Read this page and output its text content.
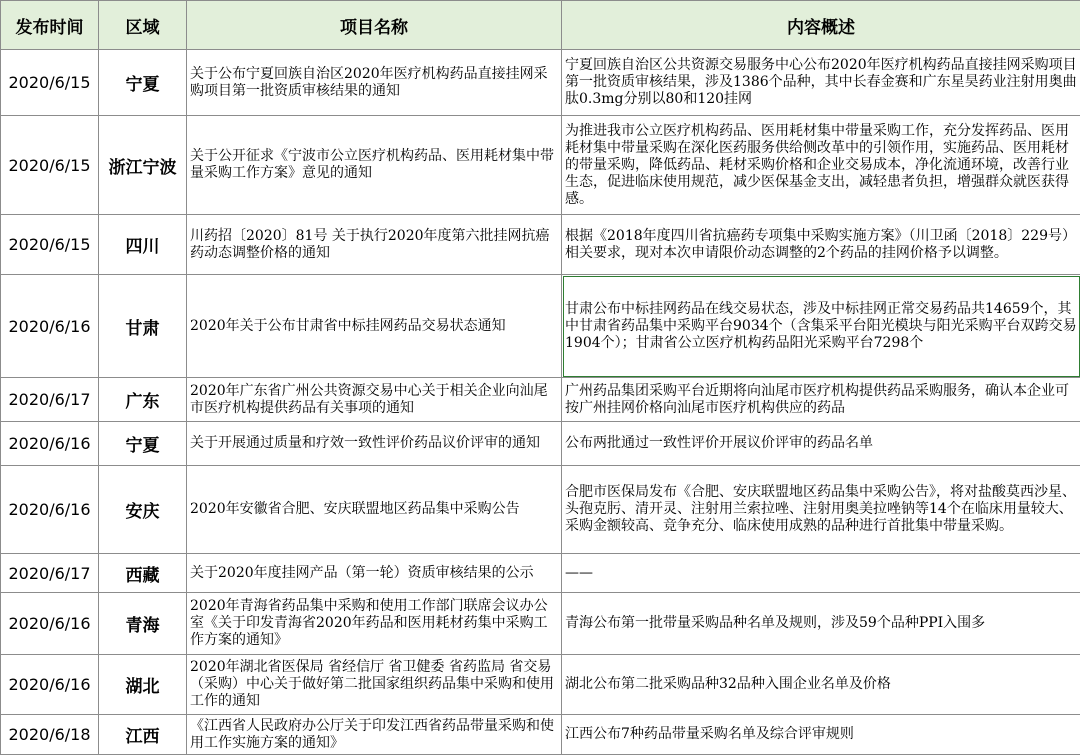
发布时间	区域	项目名称	内容概述
2020/6/15	宁夏	关于公布宁夏回族自治区2020年医疗机构药品直接挂网采购项目第一批资质审核结果的通知	宁夏回族自治区公共资源交易服务中心公布2020年医疗机构药品直接挂网采购项目第一批资质审核结果，涉及1386个品种，其中长春金赛和广东星昊药业注射用奥曲肽0.3mg分别以80和120挂网
2020/6/15	浙江宁波	关于公开征求《宁波市公立医疗机构药品、医用耗材集中带量采购工作方案》意见的通知	为推进我市公立医疗机构药品、医用耗材集中带量采购工作，充分发挥药品、医用耗材集中带量采购在深化医药服务供给侧改革中的引领作用，实施药品、医用耗材的带量采购，降低药品、耗材采购价格和企业交易成本，净化流通环境，改善行业生态，促进临床使用规范，减少医保基金支出，减轻患者负担，增强群众就医获得感。
2020/6/15	四川	川药招〔2020〕81号 关于执行2020年度第六批挂网抗癌药动态调整价格的通知	根据《2018年度四川省抗癌药专项集中采购实施方案》（川卫函〔2018〕229号）相关要求，现对本次申请限价动态调整的2个药品的挂网价格予以调整。
2020/6/16	甘肃	2020年关于公布甘肃省中标挂网药品交易状态通知	甘肃公布中标挂网药品在线交易状态，涉及中标挂网正常交易药品共14659个，其中甘肃省药品集中采购平台9034个（含集采平台阳光模块与阳光采购平台双跨交易1904个）；甘肃省公立医疗机构药品阳光采购平台7298个
2020/6/17	广东	2020年广东省广州公共资源交易中心关于相关企业向汕尾市医疗机构提供药品有关事项的通知	广州药品集团采购平台近期将向汕尾市医疗机构提供药品采购服务，确认本企业可按广州挂网价格向汕尾市医疗机构供应的药品
2020/6/16	宁夏	关于开展通过质量和疗效一致性评价药品议价评审的通知	公布两批通过一致性评价开展议价评审的药品名单
2020/6/16	安庆	2020年安徽省合肥、安庆联盟地区药品集中采购公告	合肥市医保局发布《合肥、安庆联盟地区药品集中采购公告》，将对盐酸莫西沙星、头孢克肟、清开灵、注射用兰索拉唑、注射用奥美拉唑钠等14个在临床用量较大、采购金额较高、竞争充分、临床使用成熟的品种进行首批集中带量采购。
2020/6/17	西藏	关于2020年度挂网产品（第一轮）资质审核结果的公示	——
2020/6/16	青海	2020年青海省药品集中采购和使用工作部门联席会议办公室《关于印发青海省2020年药品和医用耗材药集中采购工作方案的通知》	青海公布第一批带量采购品种名单及规则，涉及59个品种PPI入围多
2020/6/16	湖北	2020年湖北省医保局 省经信厅 省卫健委 省药监局 省交易（采购）中心关于做好第二批国家组织药品集中采购和使用工作的通知	湖北公布第二批采购品种32品种入围企业名单及价格
2020/6/18	江西	《江西省人民政府办公厅关于印发江西省药品带量采购和使用工作实施方案的通知》	江西公布7种药品带量采购名单及综合评审规则
